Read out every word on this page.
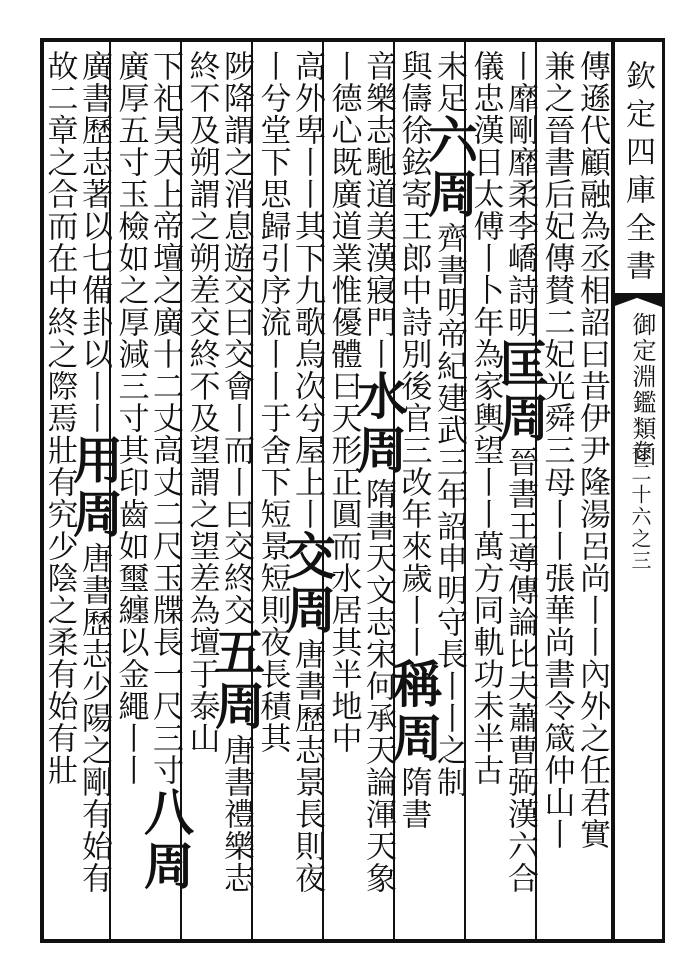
欽定四庫全書
御定淵鑑類函
卷二十六之三
傳遜代顧融為丞相詔曰昔伊尹隆湯呂尚丨丨內外之任君實
兼之晉書后妃傳賛二妃光舜三母丨丨張華尚書令箴仲山丨
丨靡剛靡柔李嶠詩明匡周晉書王導傳論比夫蕭曹弼漢六合
儀忠漢日太傅丨卜年為家輿望丨丨萬方同軌功未半古
未足六周齊書明帝紀建武三年詔申明守長丨丨之制
與儔徐鉉寄王郎中詩別後官三改年來歲丨丨稱周隋書
音樂志馳道美漢寢門丨水周隋書天文志宋何承天論渾天象
丨德心既廣道業惟優體曰天形正圓而水居其半地中
高外卑丨丨其下九歌烏次兮屋上丨交周唐書歷志景長則夜
丨兮堂下思歸引序流丨丨于舍下短景短則夜長積其
陟降謂之消息遊交曰交會丨而丨曰交終交五周唐書禮樂志
終不及朔謂之朔差交終不及望謂之望差為壇于泰山
下祀昊天上帝壇之廣十二丈高丈二尺玉牒長一尺三寸八周
廣厚五寸玉檢如之厚減三寸其印齒如璽纏以金繩丨丨
廣書歷志著以七備卦以丨丨用周唐書歷志少陽之剛有始有
故二章之合而在中終之際焉壯有究少陰之柔有始有壯
